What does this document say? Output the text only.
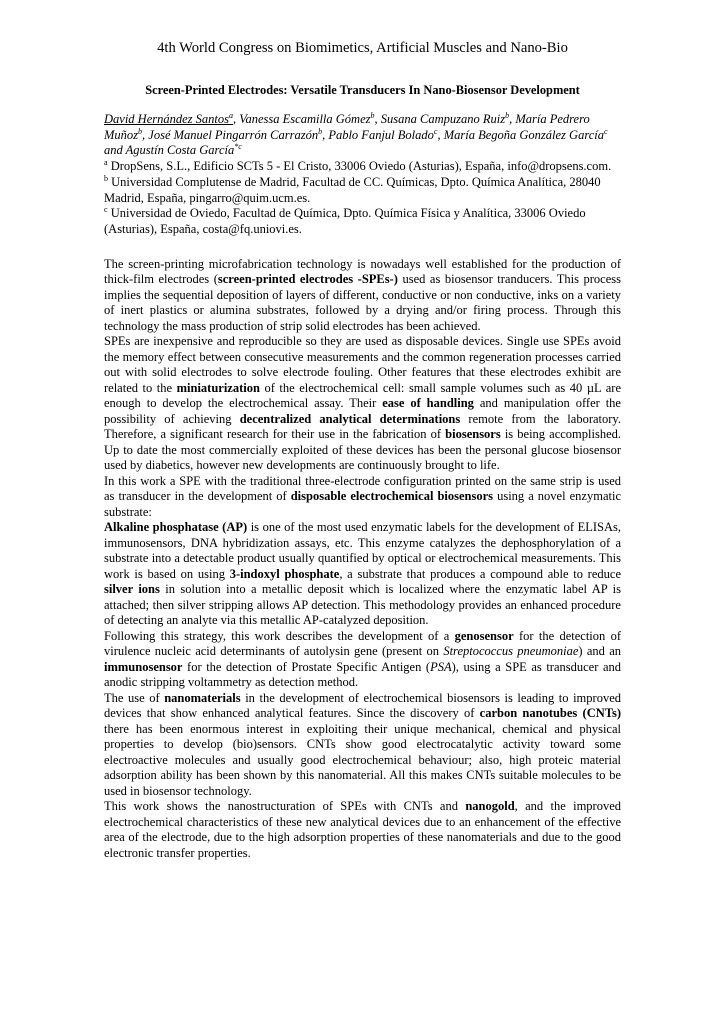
4th World Congress on Biomimetics, Artificial Muscles and Nano-Bio
Screen-Printed Electrodes: Versatile Transducers In Nano-Biosensor Development

David Hernández Santos$^a$, Vanessa Escamilla Gómez$^b$, Susana Campuzano Ruiz$^b$, María Pedrero Muñoz$^b$, José Manuel Pingarrón Carrazón$^b$, Pablo Fanjul Bolado$^c$, María Begoña González García$^c$ and Agustín Costa García$^{*c}$

$^a$ DropSens, S.L., Edificio SCTs 5 - El Cristo, 33006 Oviedo (Asturias), España, info@dropsens.com.

$^b$ Universidad Complutense de Madrid, Facultad de CC. Químicas, Dpto. Química Analítica, 28040 Madrid, España, pingarro@quim.ucm.es.

$^c$ Universidad de Oviedo, Facultad de Química, Dpto. Química Física y Analítica, 33006 Oviedo (Asturias), España, costa@fq.uniovi.es.

The screen-printing microfabrication technology is nowadays well established for the production of thick-film electrodes (screen-printed electrodes -SPEs-) used as biosensor tranducers. This process implies the sequential deposition of layers of different, conductive or non conductive, inks on a variety of inert plastics or alumina substrates, followed by a drying and/or firing process. Through this technology the mass production of strip solid electrodes has been achieved.

SPEs are inexpensive and reproducible so they are used as disposable devices. Single use SPEs avoid the memory effect between consecutive measurements and the common regeneration processes carried out with solid electrodes to solve electrode fouling. Other features that these electrodes exhibit are related to the miniaturization of the electrochemical cell: small sample volumes such as 40 µL are enough to develop the electrochemical assay. Their ease of handling and manipulation offer the possibility of achieving decentralized analytical determinations remote from the laboratory. Therefore, a significant research for their use in the fabrication of biosensors is being accomplished. Up to date the most commercially exploited of these devices has been the personal glucose biosensor used by diabetics, however new developments are continuously brought to life.

In this work a SPE with the traditional three-electrode configuration printed on the same strip is used as transducer in the development of disposable electrochemical biosensors using a novel enzymatic substrate:

Alkaline phosphatase (AP) is one of the most used enzymatic labels for the development of ELISAs, immunosensors, DNA hybridization assays, etc. This enzyme catalyzes the dephosphorylation of a substrate into a detectable product usually quantified by optical or electrochemical measurements. This work is based on using 3-indoxyl phosphate, a substrate that produces a compound able to reduce silver ions in solution into a metallic deposit which is localized where the enzymatic label AP is attached; then silver stripping allows AP detection. This methodology provides an enhanced procedure of detecting an analyte via this metallic AP-catalyzed deposition.

Following this strategy, this work describes the development of a genosensor for the detection of virulence nucleic acid determinants of autolysin gene (present on Streptococcus pneumoniae) and an immunosensor for the detection of Prostate Specific Antigen (PSA), using a SPE as transducer and anodic stripping voltammetry as detection method.

The use of nanomaterials in the development of electrochemical biosensors is leading to improved devices that show enhanced analytical features. Since the discovery of carbon nanotubes (CNTs) there has been enormous interest in exploiting their unique mechanical, chemical and physical properties to develop (bio)sensors. CNTs show good electrocatalytic activity toward some electroactive molecules and usually good electrochemical behaviour; also, high proteic material adsorption ability has been shown by this nanomaterial. All this makes CNTs suitable molecules to be used in biosensor technology.

This work shows the nanostructuration of SPEs with CNTs and nanogold, and the improved electrochemical characteristics of these new analytical devices due to an enhancement of the effective area of the electrode, due to the high adsorption properties of these nanomaterials and due to the good electronic transfer properties.
